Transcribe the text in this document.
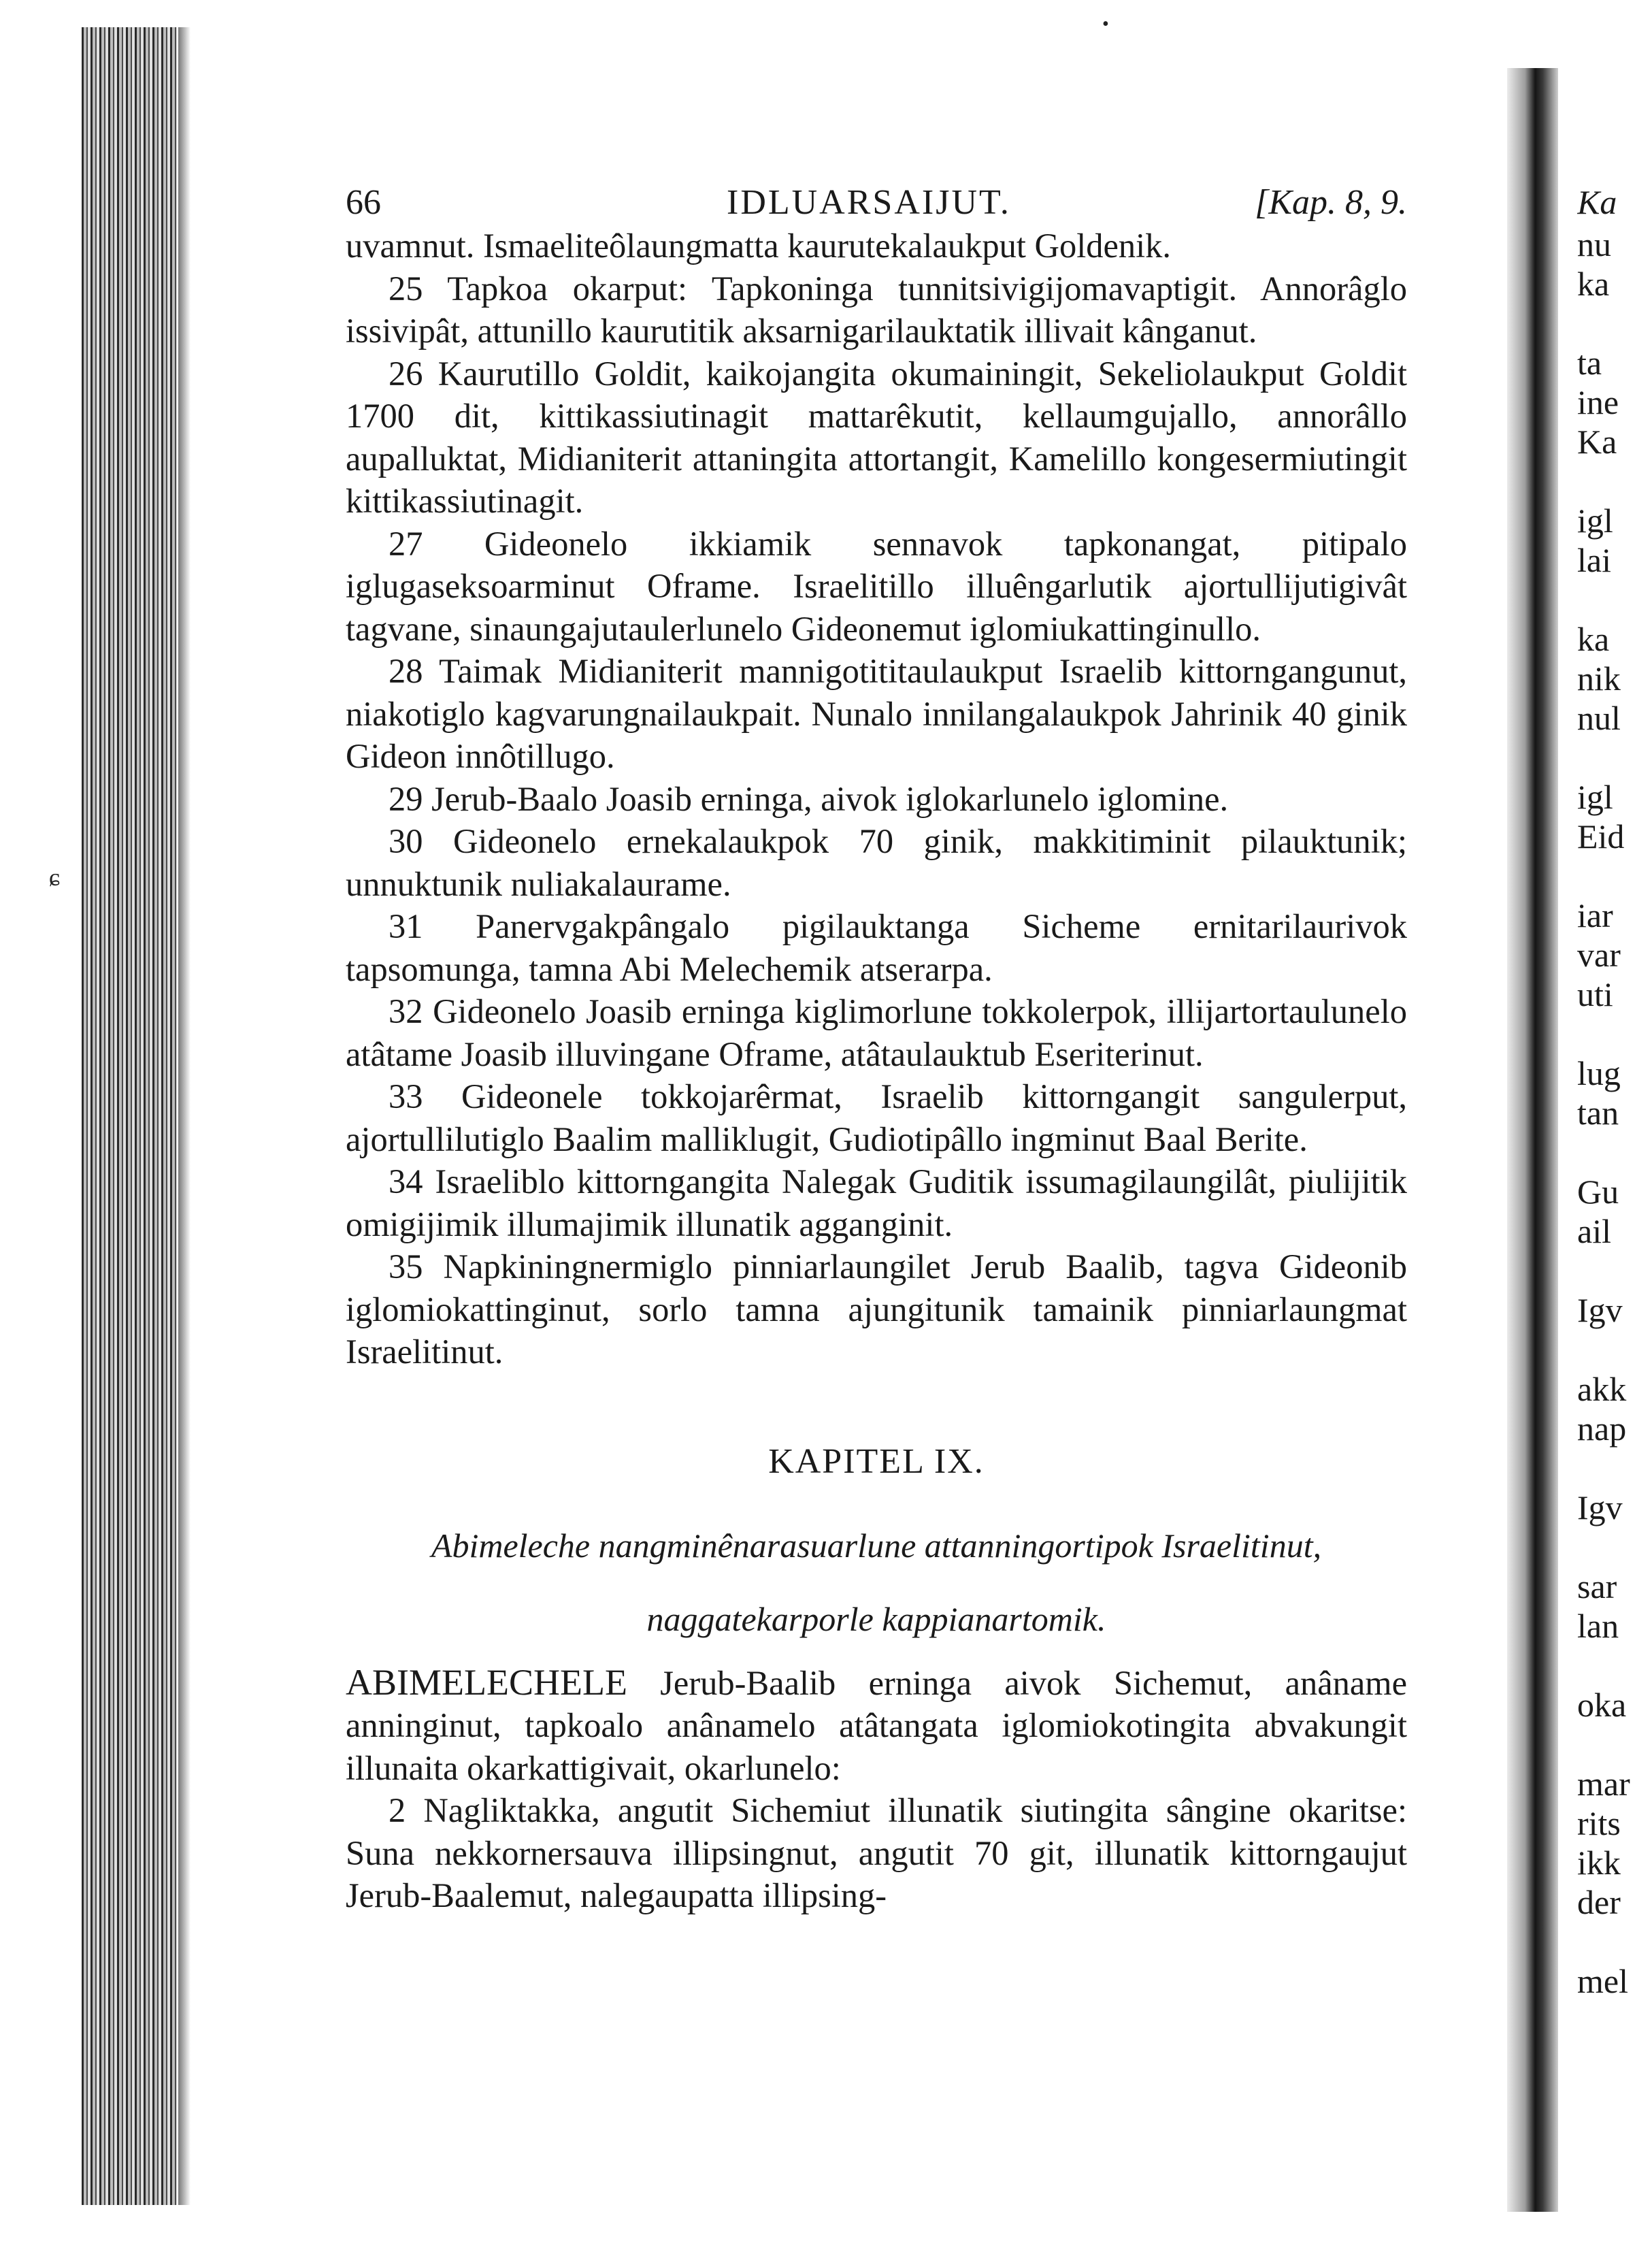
•
ɕ
66	IDLUARSAIJUT.	[Kap. 8, 9.

uvamnut. Ismaeliteôlaungmatta kaurutekalaukput Goldenik.

25 Tapkoa okarput: Tapkoninga tunnitsivigijomavaptigit. Annorâglo issivipât, attunillo kaurutitik aksarnigarilauktatik illivait kânganut.

26 Kaurutillo Goldit, kaikojangita okumainingit, Sekeliolaukput Goldit 1700 dit, kittikassiutinagit mattarêkutit, kellaumgujallo, annorâllo aupalluktat, Midianiterit attaningita attortangit, Kamelillo kongesermiutingit kittikassiutinagit.

27 Gideonelo ikkiamik sennavok tapkonangat, pitipalo iglugaseksoarminut Oframe. Israelitillo illuêngarlutik ajortullijutigivât tagvane, sinaungajutaulerlunelo Gideonemut iglomiukattinginullo.

28 Taimak Midianiterit mannigotititaulaukput Israelib kittorngangunut, niakotiglo kagvarungnailaukpait. Nunalo innilangalaukpok Jahrinik 40 ginik Gideon innôtillugo.

29 Jerub-Baalo Joasib erninga, aivok iglokarlunelo iglomine.

30 Gideonelo ernekalaukpok 70 ginik, makkitiminit pilauktunik; unnuktunik nuliakalaurame.

31 Panervgakpângalo pigilauktanga Sicheme ernitarilaurivok tapsomunga, tamna Abi Melechemik atserarpa.

32 Gideonelo Joasib erninga kiglimorlune tokkolerpok, illijartortaulunelo atâtame Joasib illuvingane Oframe, atâtaulauktub Eseriterinut.

33 Gideonele tokkojarêrmat, Israelib kittorngangit sangulerput, ajortullilutiglo Baalim malliklugit, Gudiotipâllo ingminut Baal Berite.

34 Israeliblo kittorngangita Nalegak Guditik issumagilaungilât, piulijitik omigijimik illumajimik illunatik agganginit.

35 Napkiningnermiglo pinniarlaungilet Jerub Baalib, tagva Gideonib iglomiokattinginut, sorlo tamna ajungitunik tamainik pinniarlaungmat Israelitinut.

KAPITEL IX.

Abimeleche nangminênarasuarlune attanningortipok Israelitinut, naggatekarporle kappianartomik.

ABIMELECHELE Jerub-Baalib erninga aivok Sichemut, anâname anninginut, tapkoalo anânamelo atâtangata iglomiokotingita abvakungit illunaita okarkattigivait, okarlunelo:

2 Nagliktakka, angutit Sichemiut illunatik siutingita sângine okaritse: Suna nekkornersauva illipsingnut, angutit 70 git, illunatik kittorngaujut Jerub-Baalemut, nalegaupatta illipsing-

Ka
nu
ka
ta
ine
Ka
igl
lai
ka
nik
nul
igl
Eid
iar
var
uti
lug
tan
Gu
ail
Igv
akk
nap
Igv
sar
lan
oka
mar
rits
ikk
der
mel
